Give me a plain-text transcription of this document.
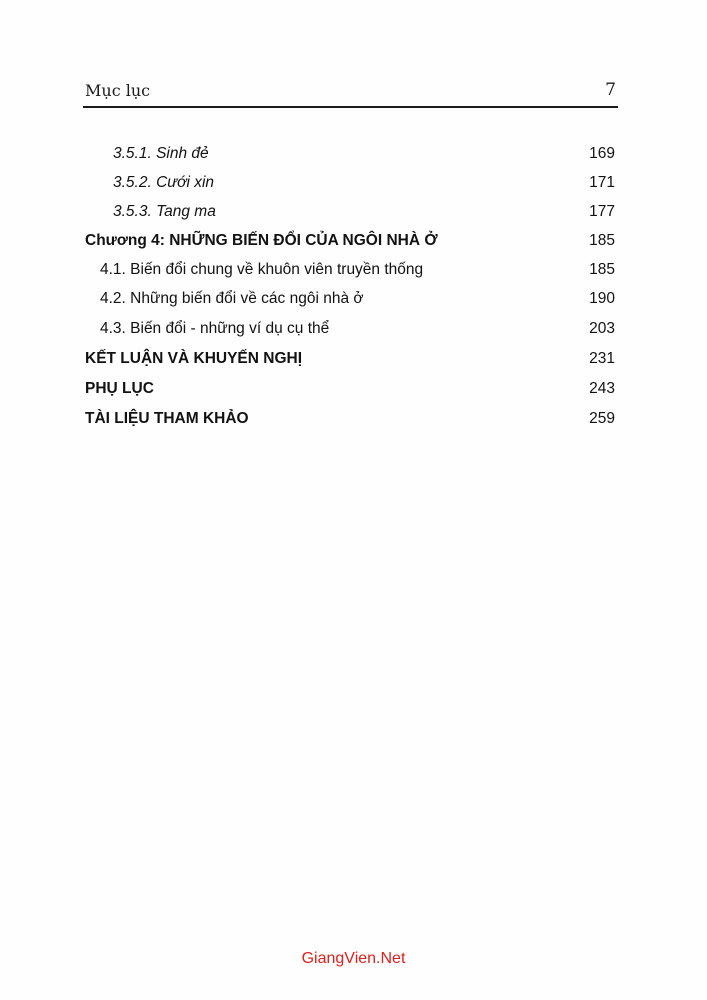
Mục lục	7
3.5.1. Sinh đẻ	169
3.5.2. Cưới xin	171
3.5.3. Tang ma	177
Chương 4: NHỮNG BIẾN ĐỔI CỦA NGÔI NHÀ Ở	185
4.1. Biến đổi chung về khuôn viên truyền thống	185
4.2. Những biến đổi về các ngôi nhà ở	190
4.3. Biến đổi - những ví dụ cụ thể	203
KẾT LUẬN VÀ KHUYẾN NGHỊ	231
PHỤ LỤC	243
TÀI LIỆU THAM KHẢO	259
GiangVien.Net
